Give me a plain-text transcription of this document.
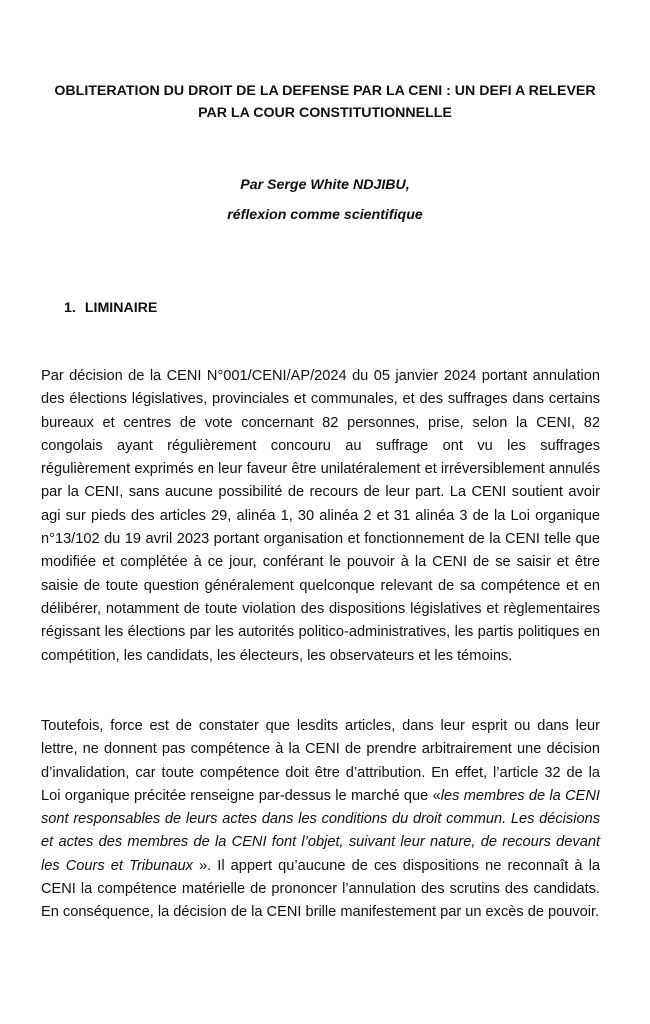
OBLITERATION DU DROIT DE LA DEFENSE PAR LA CENI : UN DEFI A RELEVER PAR LA COUR CONSTITUTIONNELLE
Par Serge White NDJIBU,
réflexion comme scientifique
1. LIMINAIRE

Par décision de la CENI N°001/CENI/AP/2024 du 05 janvier 2024 portant annulation des élections législatives, provinciales et communales, et des suffrages dans certains bureaux et centres de vote concernant 82 personnes, prise, selon la CENI, 82 congolais ayant régulièrement concouru au suffrage ont vu les suffrages régulièrement exprimés en leur faveur être unilatéralement et irréversiblement annulés par la CENI, sans aucune possibilité de recours de leur part. La CENI soutient avoir agi sur pieds des articles 29, alinéa 1, 30 alinéa 2 et 31 alinéa 3 de la Loi organique n°13/102 du 19 avril 2023 portant organisation et fonctionnement de la CENI telle que modifiée et complétée à ce jour, conférant le pouvoir à la CENI de se saisir et être saisie de toute question généralement quelconque relevant de sa compétence et en délibérer, notamment de toute violation des dispositions législatives et règlementaires régissant les élections par les autorités politico-administratives, les partis politiques en compétition, les candidats, les électeurs, les observateurs et les témoins.

Toutefois, force est de constater que lesdits articles, dans leur esprit ou dans leur lettre, ne donnent pas compétence à la CENI de prendre arbitrairement une décision d’invalidation, car toute compétence doit être d’attribution. En effet, l’article 32 de la Loi organique précitée renseigne par-dessus le marché que «les membres de la CENI sont responsables de leurs actes dans les conditions du droit commun. Les décisions et actes des membres de la CENI font l’objet, suivant leur nature, de recours devant les Cours et Tribunaux ». Il appert qu’aucune de ces dispositions ne reconnaît à la CENI la compétence matérielle de prononcer l’annulation des scrutins des candidats. En conséquence, la décision de la CENI brille manifestement par un excès de pouvoir.
